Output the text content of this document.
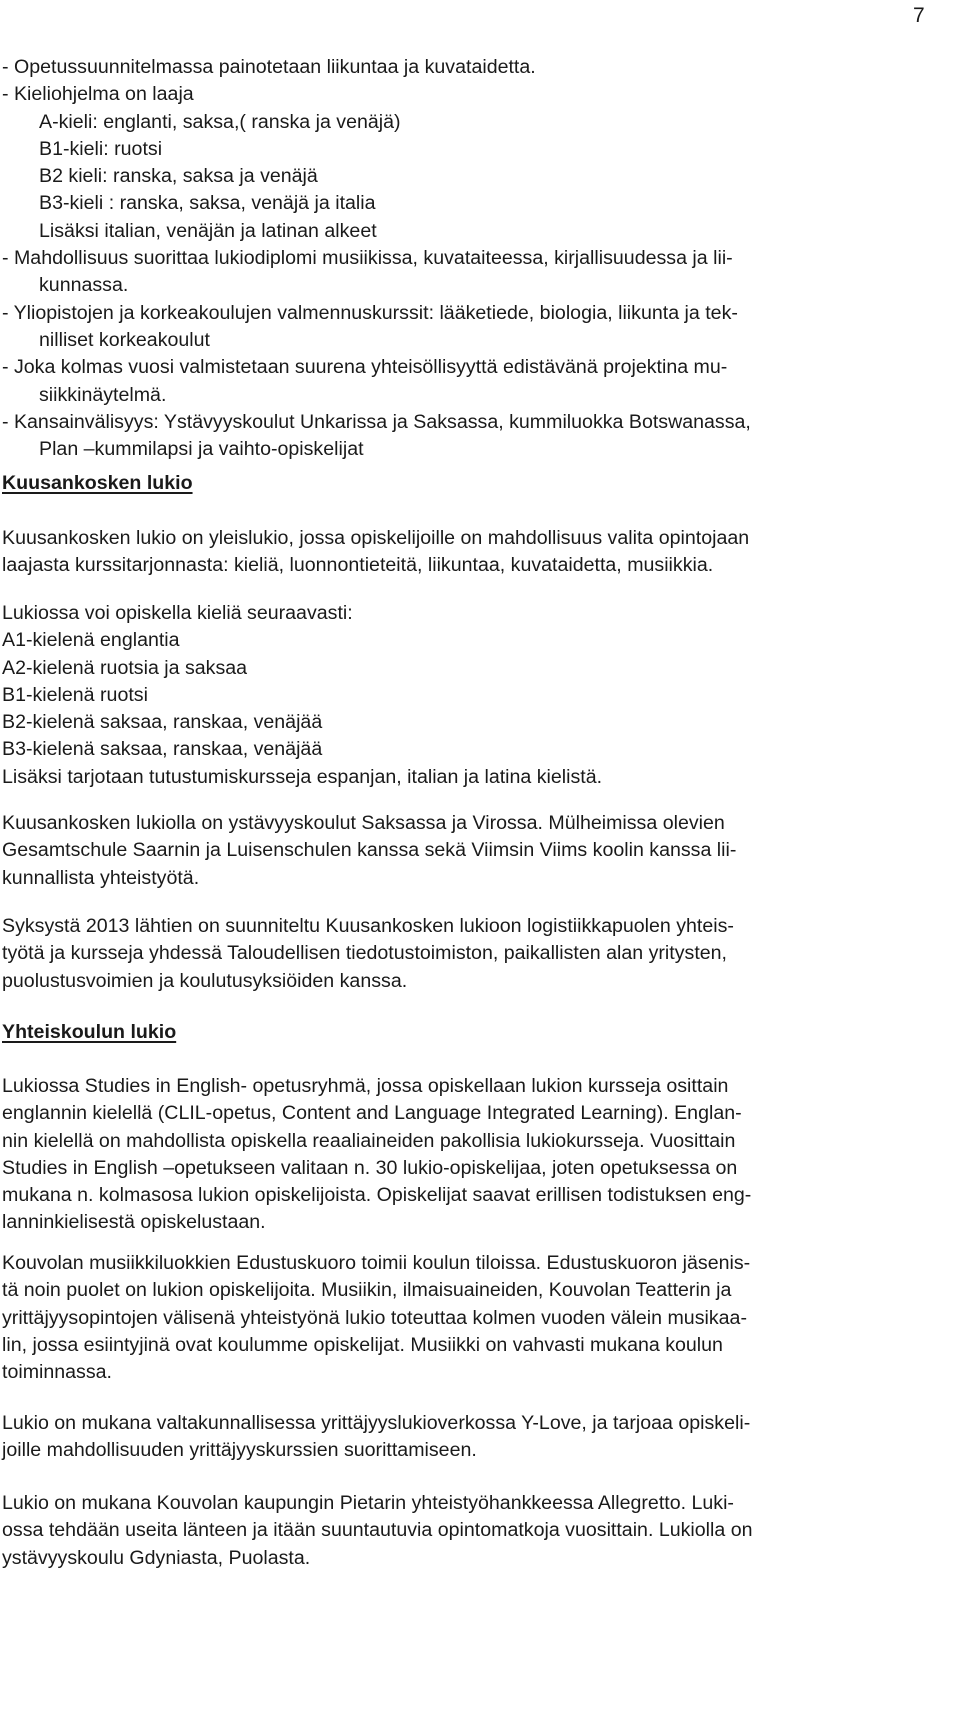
7
- Opetussuunnitelmassa painotetaan liikuntaa ja kuvataidetta.
- Kieliohjelma on laaja
A-kieli: englanti, saksa,( ranska ja venäjä)
B1-kieli: ruotsi
B2 kieli: ranska, saksa ja venäjä
B3-kieli : ranska, saksa, venäjä ja italia
Lisäksi italian, venäjän ja latinan alkeet
- Mahdollisuus suorittaa lukiodiplomi musiikissa, kuvataiteessa, kirjallisuudessa ja lii-
kunnassa.
- Yliopistojen ja korkeakoulujen valmennuskurssit: lääketiede, biologia, liikunta ja tek-
nilliset korkeakoulut
- Joka kolmas vuosi valmistetaan suurena yhteisöllisyyttä edistävänä projektina mu-
siikkinäytelmä.
- Kansainvälisyys: Ystävyyskoulut Unkarissa ja Saksassa, kummiluokka Botswanassa,
Plan –kummilapsi ja vaihto-opiskelijat
Kuusankosken lukio
Kuusankosken lukio on yleislukio, jossa opiskelijoille on mahdollisuus valita opintojaan
laajasta kurssitarjonnasta: kieliä, luonnontieteitä, liikuntaa, kuvataidetta, musiikkia.
Lukiossa voi opiskella kieliä seuraavasti:
A1-kielenä englantia
A2-kielenä ruotsia ja saksaa
B1-kielenä ruotsi
B2-kielenä saksaa, ranskaa, venäjää
B3-kielenä saksaa, ranskaa, venäjää
Lisäksi tarjotaan tutustumiskursseja espanjan, italian ja latina kielistä.
Kuusankosken lukiolla on ystävyyskoulut Saksassa ja Virossa. Mülheimissa olevien
Gesamtschule Saarnin ja Luisenschulen kanssa sekä Viimsin Viims koolin kanssa lii-
kunnallista yhteistyötä.
Syksystä 2013 lähtien on suunniteltu Kuusankosken lukioon logistiikkapuolen yhteis-
työtä ja kursseja yhdessä Taloudellisen tiedotustoimiston, paikallisten alan yritysten,
puolustusvoimien ja koulutusyksiöiden kanssa.
Yhteiskoulun lukio
Lukiossa Studies in English- opetusryhmä, jossa opiskellaan lukion kursseja osittain
englannin kielellä (CLIL-opetus, Content and Language Integrated Learning). Englan-
nin kielellä on mahdollista opiskella reaaliaineiden pakollisia lukiokursseja. Vuosittain
Studies in English –opetukseen valitaan n. 30 lukio-opiskelijaa, joten opetuksessa on
mukana n. kolmasosa lukion opiskelijoista. Opiskelijat saavat erillisen todistuksen eng-
lanninkielisestä opiskelustaan.
Kouvolan musiikkiluokkien Edustuskuoro toimii koulun tiloissa. Edustuskuoron jäsenis-
tä noin puolet on lukion opiskelijoita. Musiikin, ilmaisuaineiden, Kouvolan Teatterin ja
yrittäjyysopintojen välisenä yhteistyönä lukio toteuttaa kolmen vuoden välein musikaa-
lin, jossa esiintyjinä ovat koulumme opiskelijat. Musiikki on vahvasti mukana koulun
toiminnassa.
Lukio on mukana valtakunnallisessa yrittäjyyslukioverkossa Y-Love, ja tarjoaa opiskeli-
joille mahdollisuuden yrittäjyyskurssien suorittamiseen.
Lukio on mukana Kouvolan kaupungin Pietarin yhteistyöhankkeessa Allegretto. Luki-
ossa tehdään useita länteen ja itään suuntautuvia opintomatkoja vuosittain. Lukiolla on
ystävyyskoulu Gdyniasta, Puolasta.
